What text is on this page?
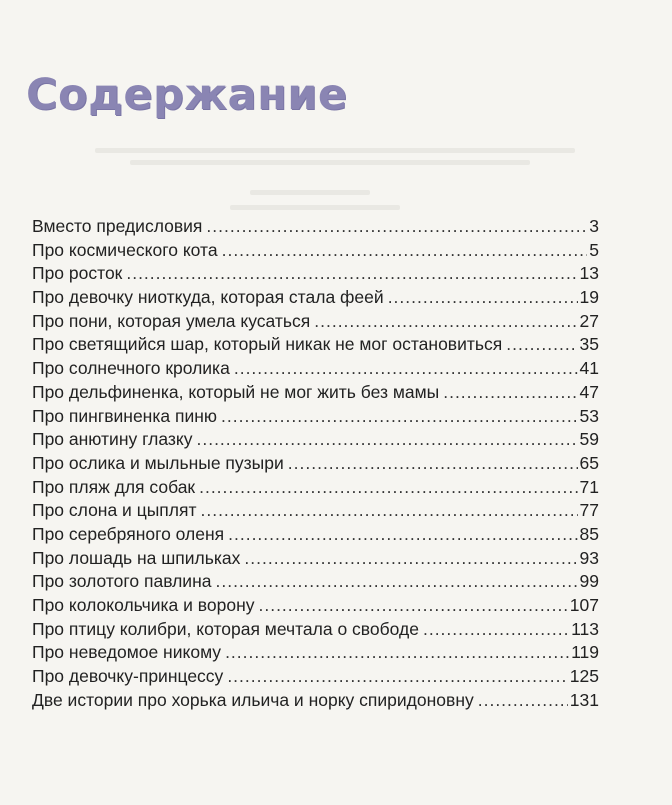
Содержание
Вместо предисловия .....	3
Про космического кота .....	5
Про росток .....	13
Про девочку ниоткуда, которая стала феей .....	19
Про пони, которая умела кусаться .....	27
Про светящийся шар, который никак не мог остановиться .....	35
Про солнечного кролика .....	41
Про дельфиненка, который не мог жить без мамы .....	47
Про пингвиненка пиню .....	53
Про анютину глазку .....	59
Про ослика и мыльные пузыри .....	65
Про пляж для собак .....	71
Про слона и цыплят .....	77
Про серебряного оленя .....	85
Про лошадь на шпильках .....	93
Про золотого павлина .....	99
Про колокольчика и ворону .....	107
Про птицу колибри, которая мечтала о свободе .....	113
Про неведомое никому .....	119
Про девочку-принцессу .....	125
Две истории про хорька ильича и норку спиридоновну .....	131
